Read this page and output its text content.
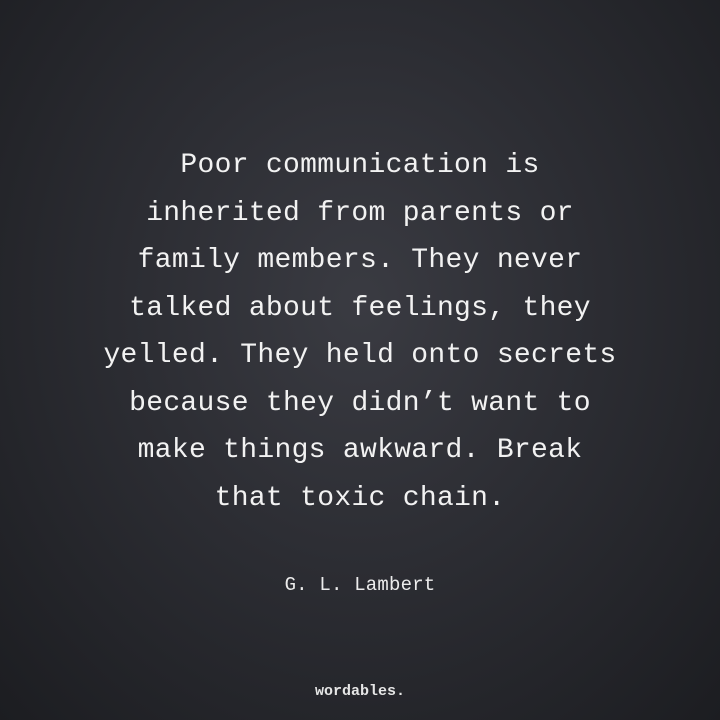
Poor communication is
inherited from parents or
family members. They never
talked about feelings, they
yelled. They held onto secrets
because they didn’t want to
make things awkward. Break
that toxic chain.
G. L. Lambert
wordables.
